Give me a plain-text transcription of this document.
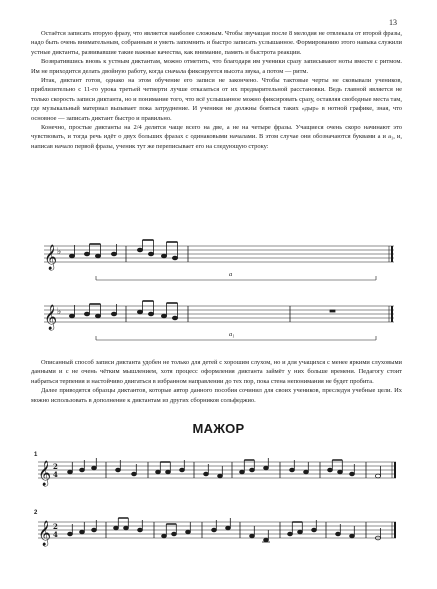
13

Остаётся записать вторую фразу, что является наиболее сложным. Чтобы звучащая после 8 мелодия не отвлекала от второй фразы, надо быть очень внимательным, собранным и уметь запомнить и быстро записать услышанное. Формированию этого навыка служили устные диктанты, развивавшие такие важные качества, как внимание, память и быстрота реакции.

Возвратившись вновь к устным диктантам, можно отметить, что благодаря им ученики сразу записывают ноты вместе с ритмом. Им не приходится делать двойную работу, когда сначала фиксируется высота звука, а потом — ритм.

Итак, диктант готов, однако на этом обучение его записи не закончено. Чтобы тактовые черты не сковывали учеников, приблизительно с 11-го урока третьей четверти лучше отказаться от их предварительной расстановки. Ведь главной является не только скорость записи диктанта, но и понимание того, что всё услышанное можно фиксировать сразу, оставляя свободные места там, где музыкальный материал вызывает пока затруднение. И ученики не должны бояться таких «дыр» в нотной графике, зная, что основное — записать диктант быстро и правильно.

Конечно, простые диктанты на 2/4 делятся чаще всего на две, а не на четыре фразы. Учащиеся очень скоро начинают это чувствовать, и тогда речь идёт о двух больших фразах с одинаковыми началами. В этом случае они обозначаются буквами a и a₁, и, написав начало первой фразы, ученик тут же переписывает его на следующую строку:

𝄞 ♭
a
𝄞 ♭
a₁

Описанный способ записи диктанта удобен не только для детей с хорошим слухом, но и для учащихся с менее яркими слуховыми данными и с не очень чётким мышлением, хотя процесс оформления диктанта займёт у них больше времени. Педагогу стоит набраться терпения и настойчиво двигаться в избранном направлении до тех пор, пока стена непонимания не будет пробита.

Далее приводятся образцы диктантов, которые автор данного пособия сочинил для своих учеников, преследуя учебные цели. Их можно использовать в дополнение к диктантам из других сборников сольфеджио.

МАЖОР
1
𝄞 2
4
2
𝄞 2
4
